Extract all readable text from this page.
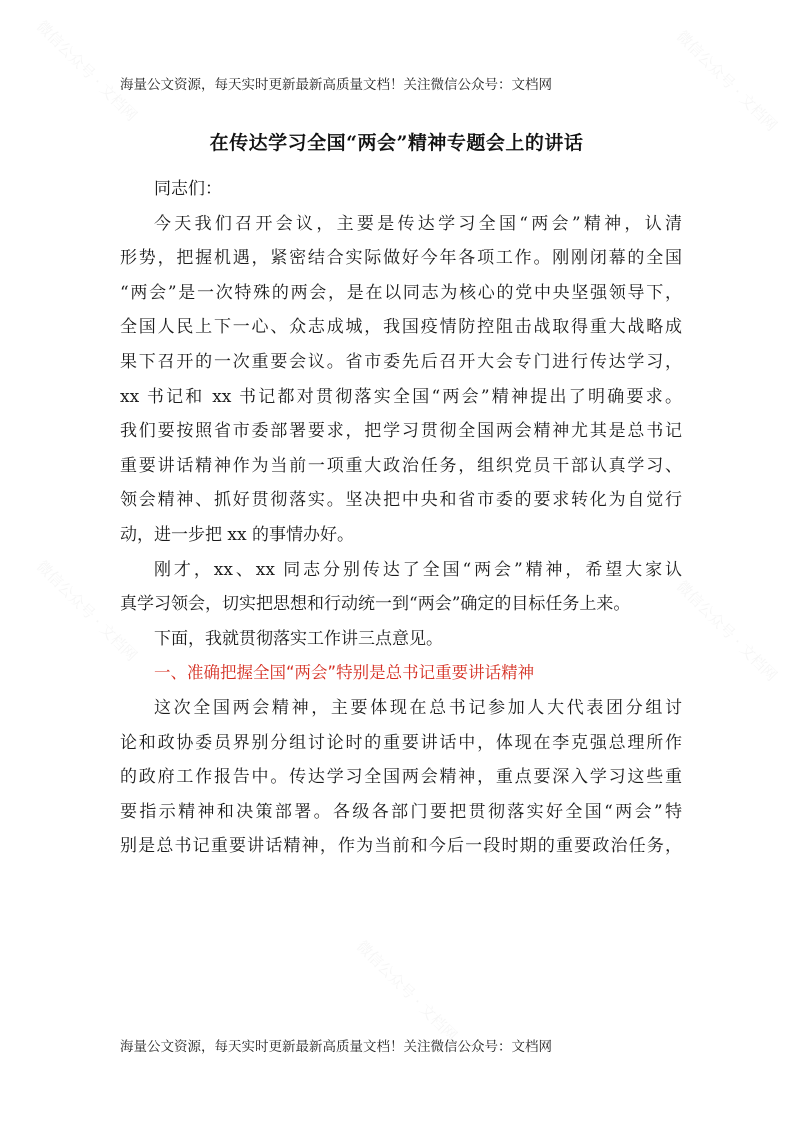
微信公众号 · 文档网	微信公众号 · 文档网
微信公众号 · 文档网	微信公众号 · 文档网
微信公众号 · 文档网
海量公文资源，每天实时更新最新高质量文档！关注微信公众号：文档网
在传达学习全国“两会”精神专题会上的讲话

同志们：

今天我们召开会议，主要是传达学习全国“两会”精神，认清
形势，把握机遇，紧密结合实际做好今年各项工作。刚刚闭幕的全国
“两会”是一次特殊的两会，是在以同志为核心的党中央坚强领导下，
全国人民上下一心、众志成城，我国疫情防控阻击战取得重大战略成
果下召开的一次重要会议。省市委先后召开大会专门进行传达学习，
xx 书记和 xx 书记都对贯彻落实全国“两会”精神提出了明确要求。
我们要按照省市委部署要求，把学习贯彻全国两会精神尤其是总书记
重要讲话精神作为当前一项重大政治任务，组织党员干部认真学习、
领会精神、抓好贯彻落实。坚决把中央和省市委的要求转化为自觉行
动，进一步把 xx 的事情办好。

刚才，xx、xx 同志分别传达了全国“两会”精神，希望大家认
真学习领会，切实把思想和行动统一到“两会”确定的目标任务上来。

下面，我就贯彻落实工作讲三点意见。

一、准确把握全国“两会”特别是总书记重要讲话精神

这次全国两会精神，主要体现在总书记参加人大代表团分组讨
论和政协委员界别分组讨论时的重要讲话中，体现在李克强总理所作
的政府工作报告中。传达学习全国两会精神，重点要深入学习这些重
要指示精神和决策部署。各级各部门要把贯彻落实好全国“两会”特
别是总书记重要讲话精神，作为当前和今后一段时期的重要政治任务，

海量公文资源，每天实时更新最新高质量文档！关注微信公众号：文档网
